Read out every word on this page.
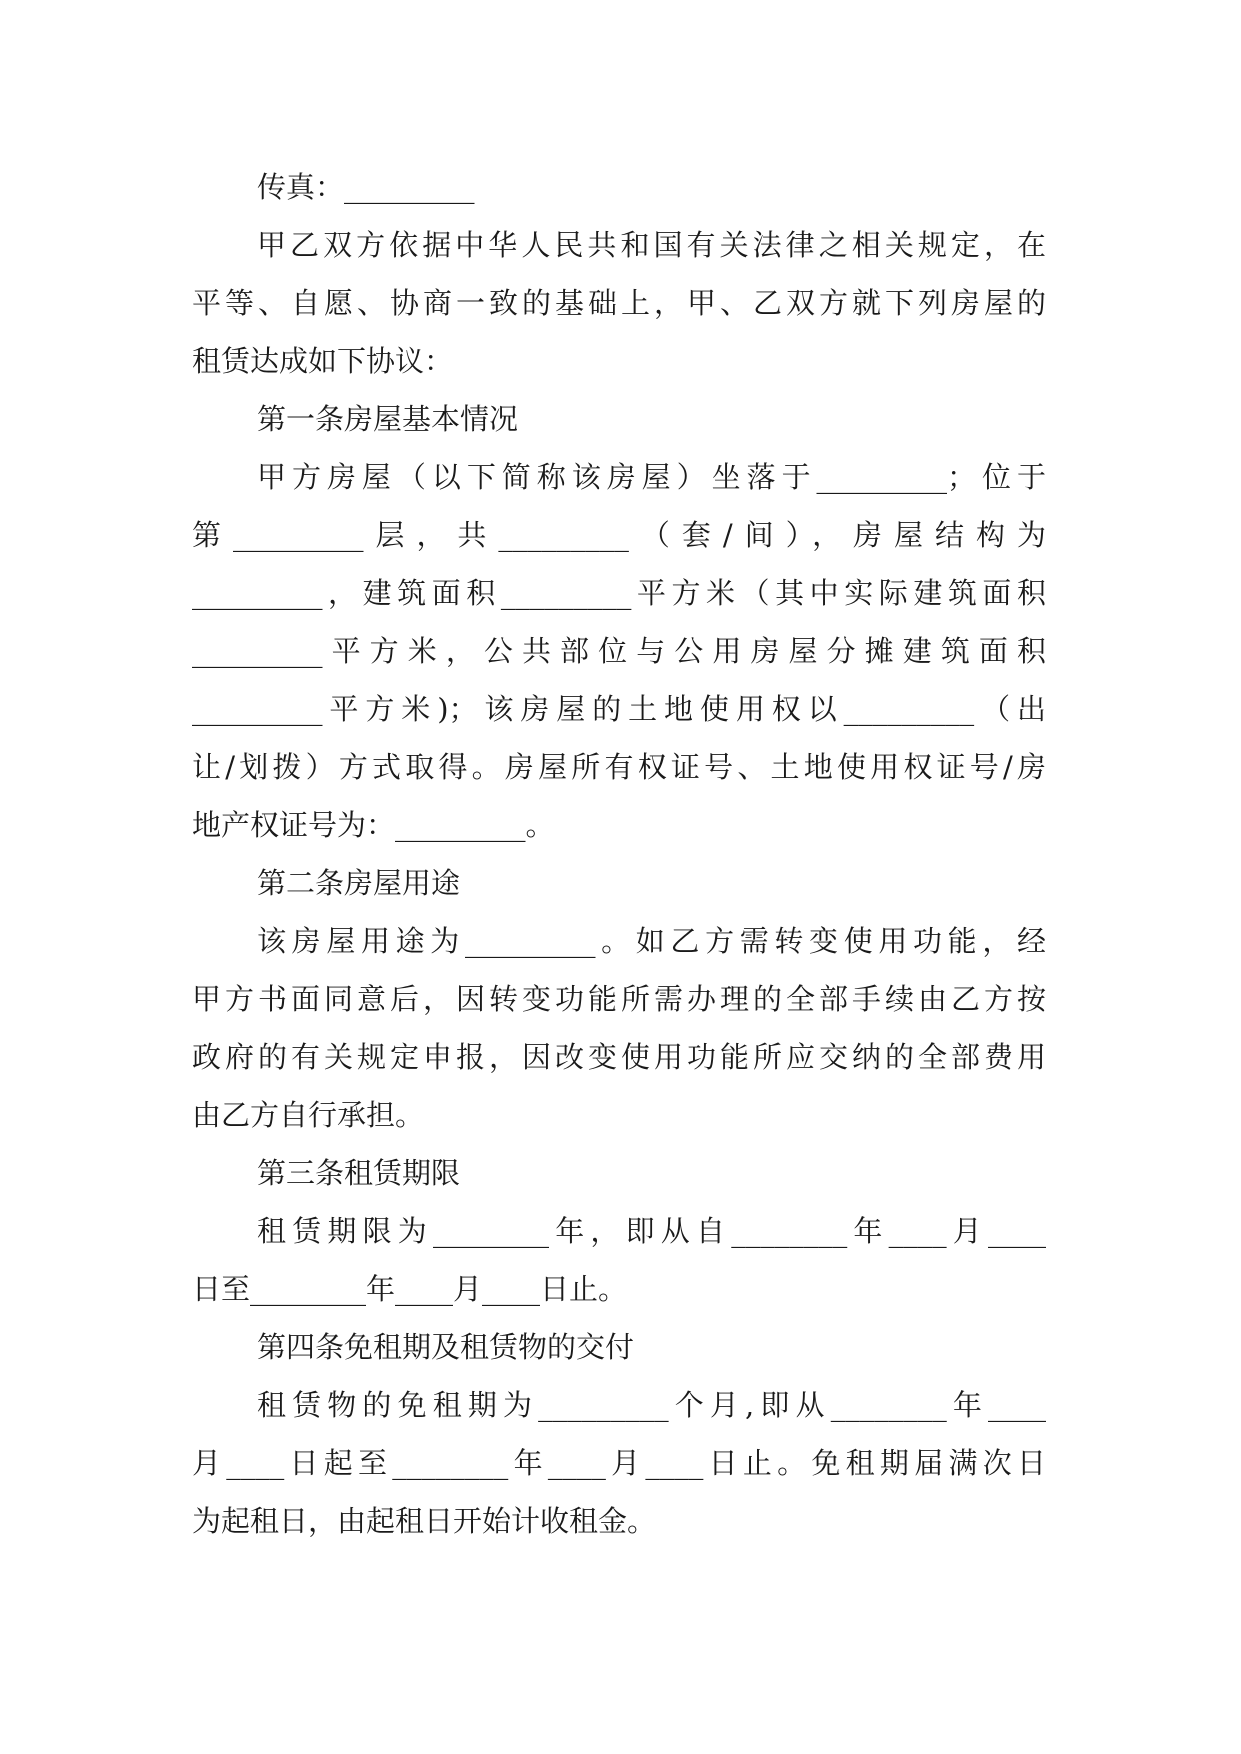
传真：_________
甲乙双方依据中华人民共和国有关法律之相关规定，在
平等、自愿、协商一致的基础上，甲、乙双方就下列房屋的
租赁达成如下协议：
第一条房屋基本情况
甲方房屋（以下简称该房屋）坐落于_________；位于
第_________层，共_________（套/间），房屋结构为
_________，建筑面积_________平方米（其中实际建筑面积
_________平方米，公共部位与公用房屋分摊建筑面积
_________平方米)；该房屋的土地使用权以_________（出
让/划拨）方式取得。房屋所有权证号、土地使用权证号/房
地产权证号为：_________。
第二条房屋用途
该房屋用途为_________。如乙方需转变使用功能，经
甲方书面同意后，因转变功能所需办理的全部手续由乙方按
政府的有关规定申报，因改变使用功能所应交纳的全部费用
由乙方自行承担。
第三条租赁期限
租赁期限为________年，即从自________年____月____
日至________年____月____日止。
第四条免租期及租赁物的交付
租赁物的免租期为_________个月,即从________年____
月____日起至________年____月____日止。免租期届满次日
为起租日，由起租日开始计收租金。
